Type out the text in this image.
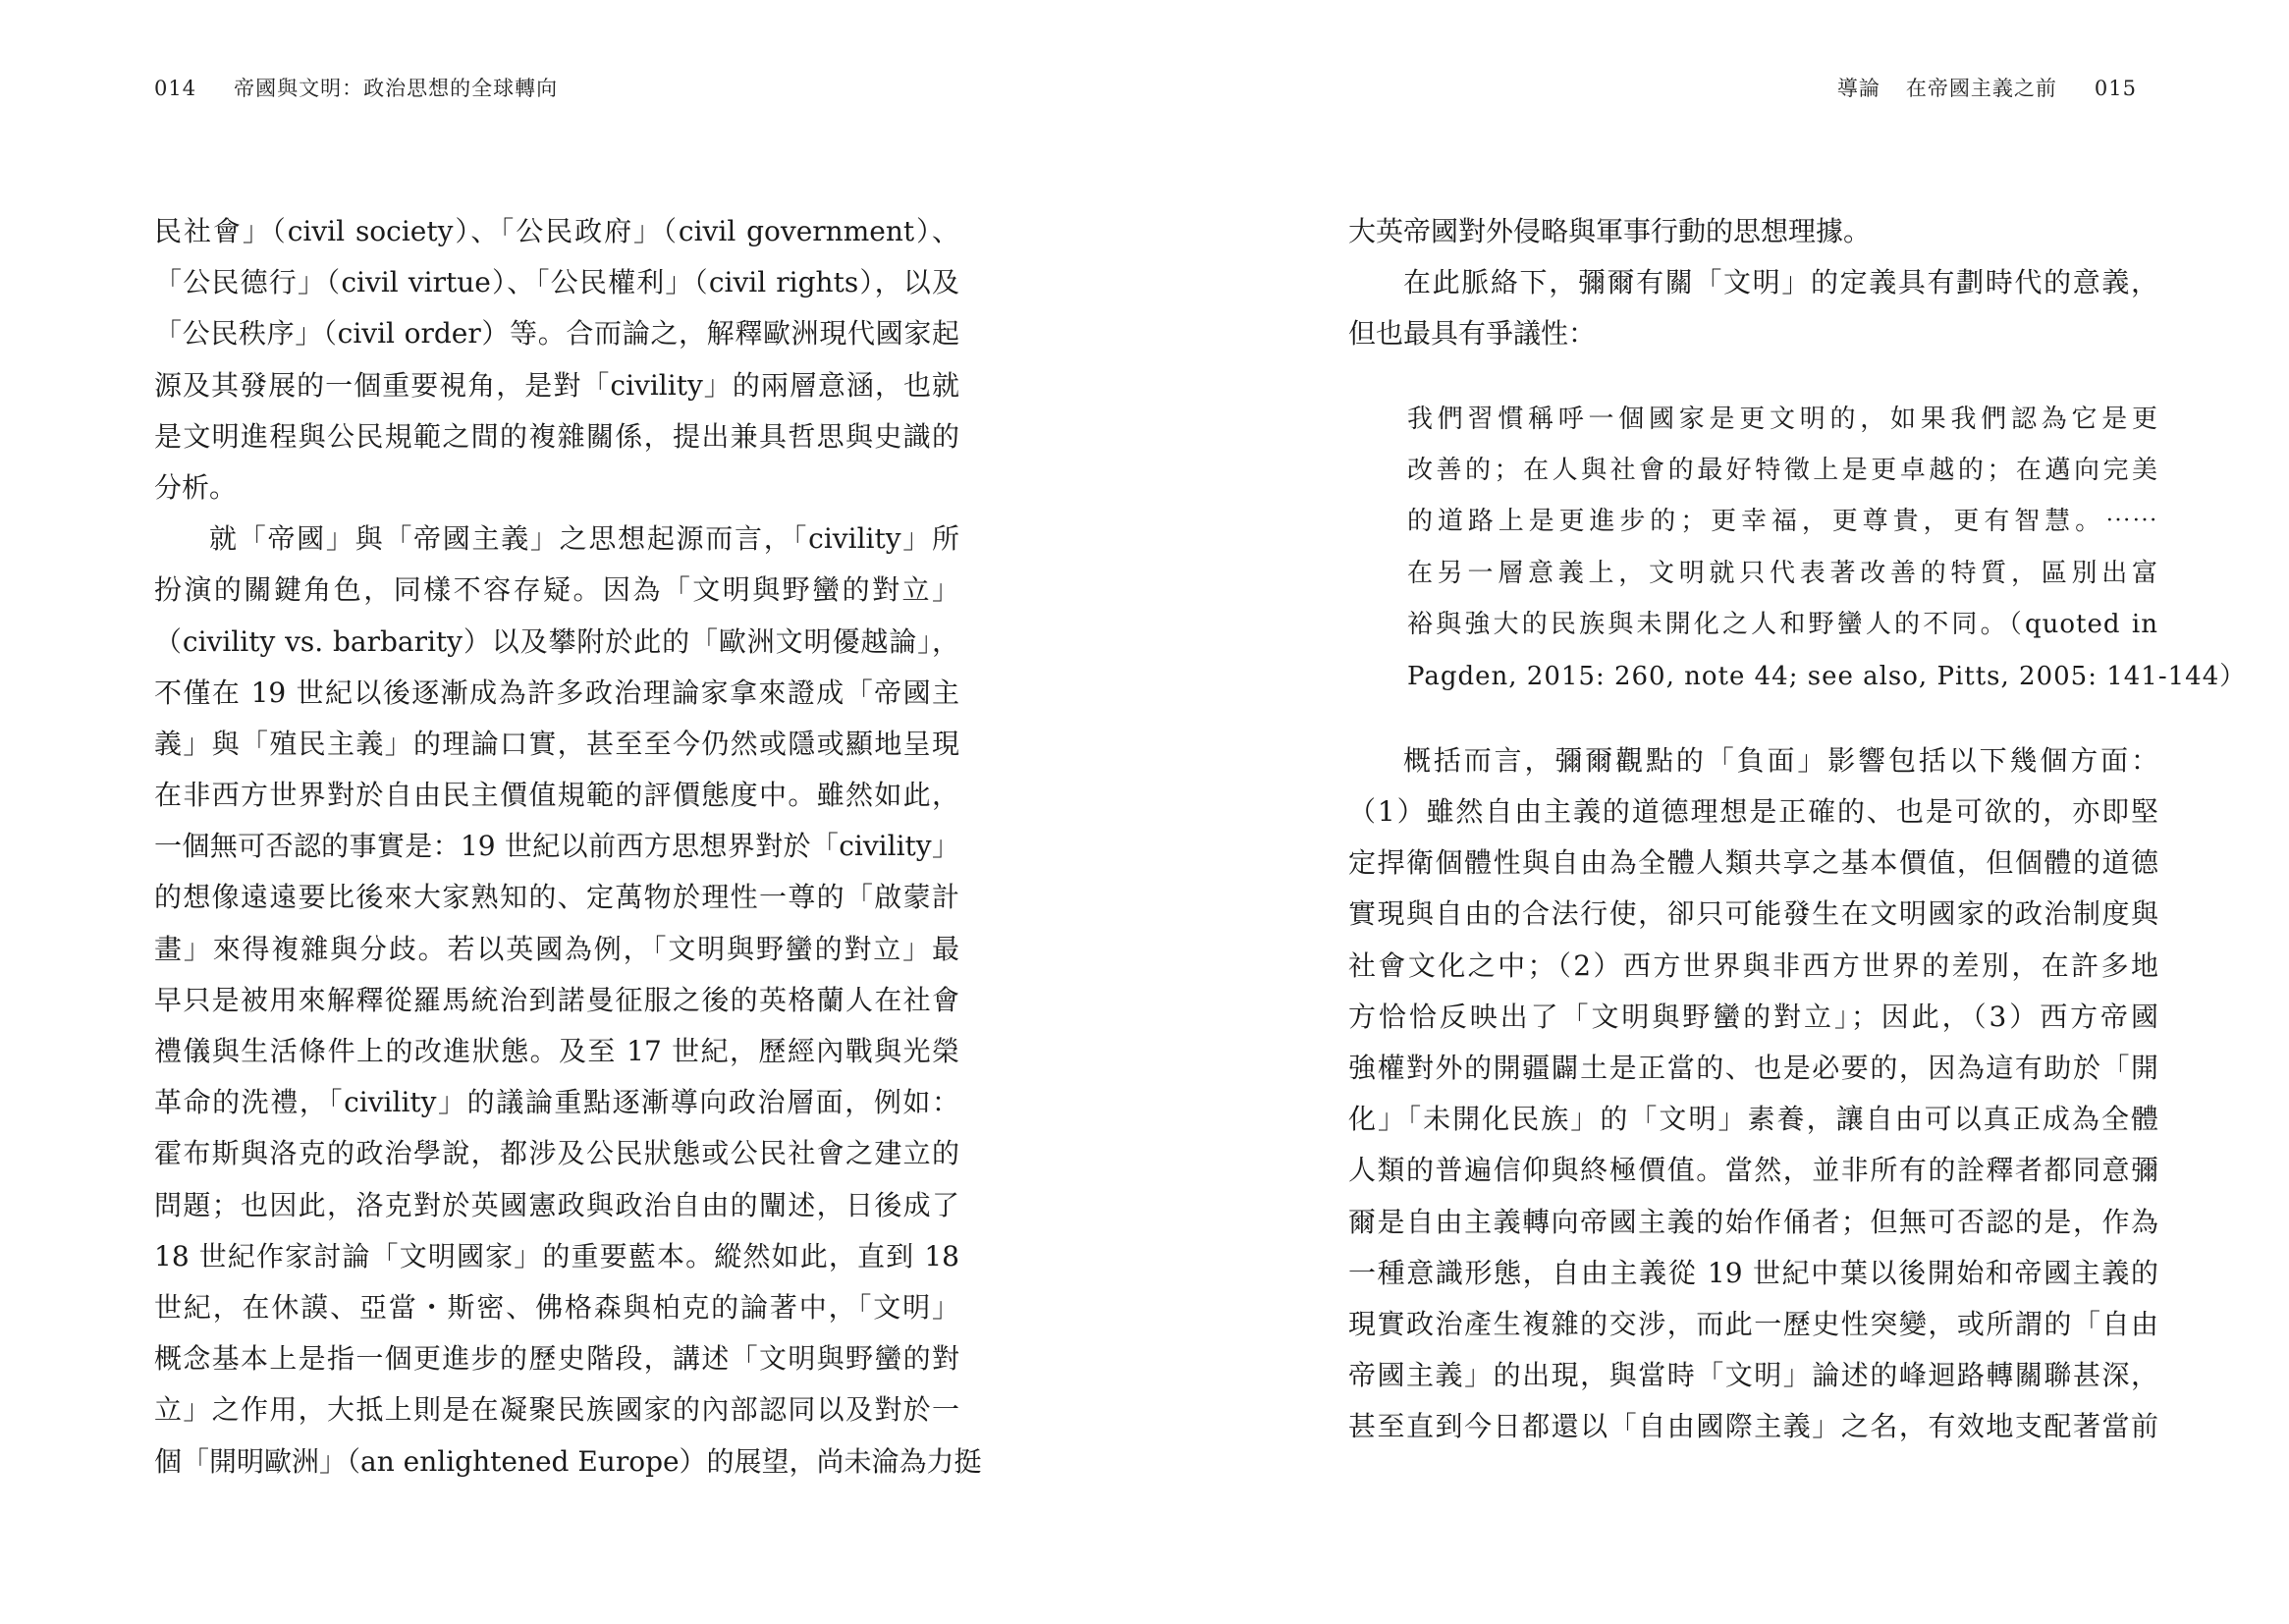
014 帝國與文明：政治思想的全球轉向
民社會」（civil society）、「公民政府」（civil government）、
「公民德行」（civil virtue）、「公民權利」（civil rights），以及
「公民秩序」（civil order）等。合而論之，解釋歐洲現代國家起
源及其發展的一個重要視角，是對「civility」的兩層意涵，也就
是文明進程與公民規範之間的複雜關係，提出兼具哲思與史識的
分析。
就「帝國」與「帝國主義」之思想起源而言，「civility」所
扮演的關鍵角色，同樣不容存疑。因為「文明與野蠻的對立」
（civility vs. barbarity）以及攀附於此的「歐洲文明優越論」，
不僅在 19 世紀以後逐漸成為許多政治理論家拿來證成「帝國主
義」與「殖民主義」的理論口實，甚至至今仍然或隱或顯地呈現
在非西方世界對於自由民主價值規範的評價態度中。雖然如此，
一個無可否認的事實是：19 世紀以前西方思想界對於「civility」
的想像遠遠要比後來大家熟知的、定萬物於理性一尊的「啟蒙計
畫」來得複雜與分歧。若以英國為例，「文明與野蠻的對立」最
早只是被用來解釋從羅馬統治到諾曼征服之後的英格蘭人在社會
禮儀與生活條件上的改進狀態。及至 17 世紀，歷經內戰與光榮
革命的洗禮，「civility」的議論重點逐漸導向政治層面，例如：
霍布斯與洛克的政治學說，都涉及公民狀態或公民社會之建立的
問題；也因此，洛克對於英國憲政與政治自由的闡述，日後成了
18 世紀作家討論「文明國家」的重要藍本。縱然如此，直到 18
世紀，在休謨、亞當・斯密、佛格森與柏克的論著中，「文明」
概念基本上是指一個更進步的歷史階段，講述「文明與野蠻的對
立」之作用，大抵上則是在凝聚民族國家的內部認同以及對於一
個「開明歐洲」（an enlightened Europe）的展望，尚未淪為力挺
導論 在帝國主義之前 015
大英帝國對外侵略與軍事行動的思想理據。
在此脈絡下，彌爾有關「文明」的定義具有劃時代的意義，
但也最具有爭議性：
我們習慣稱呼一個國家是更文明的，如果我們認為它是更
改善的；在人與社會的最好特徵上是更卓越的；在邁向完美
的道路上是更進步的；更幸福，更尊貴，更有智慧。⋯⋯
在另一層意義上，文明就只代表著改善的特質，區別出富
裕與強大的民族與未開化之人和野蠻人的不同。（quoted in
Pagden, 2015: 260, note 44; see also, Pitts, 2005: 141-144）
概括而言，彌爾觀點的「負面」影響包括以下幾個方面：
（1）雖然自由主義的道德理想是正確的、也是可欲的，亦即堅
定捍衛個體性與自由為全體人類共享之基本價值，但個體的道德
實現與自由的合法行使，卻只可能發生在文明國家的政治制度與
社會文化之中；（2）西方世界與非西方世界的差別，在許多地
方恰恰反映出了「文明與野蠻的對立」；因此，（3）西方帝國
強權對外的開疆闢土是正當的、也是必要的，因為這有助於「開
化」「未開化民族」的「文明」素養，讓自由可以真正成為全體
人類的普遍信仰與終極價值。當然，並非所有的詮釋者都同意彌
爾是自由主義轉向帝國主義的始作俑者；但無可否認的是，作為
一種意識形態，自由主義從 19 世紀中葉以後開始和帝國主義的
現實政治產生複雜的交涉，而此一歷史性突變，或所謂的「自由
帝國主義」的出現，與當時「文明」論述的峰迴路轉關聯甚深，
甚至直到今日都還以「自由國際主義」之名，有效地支配著當前
